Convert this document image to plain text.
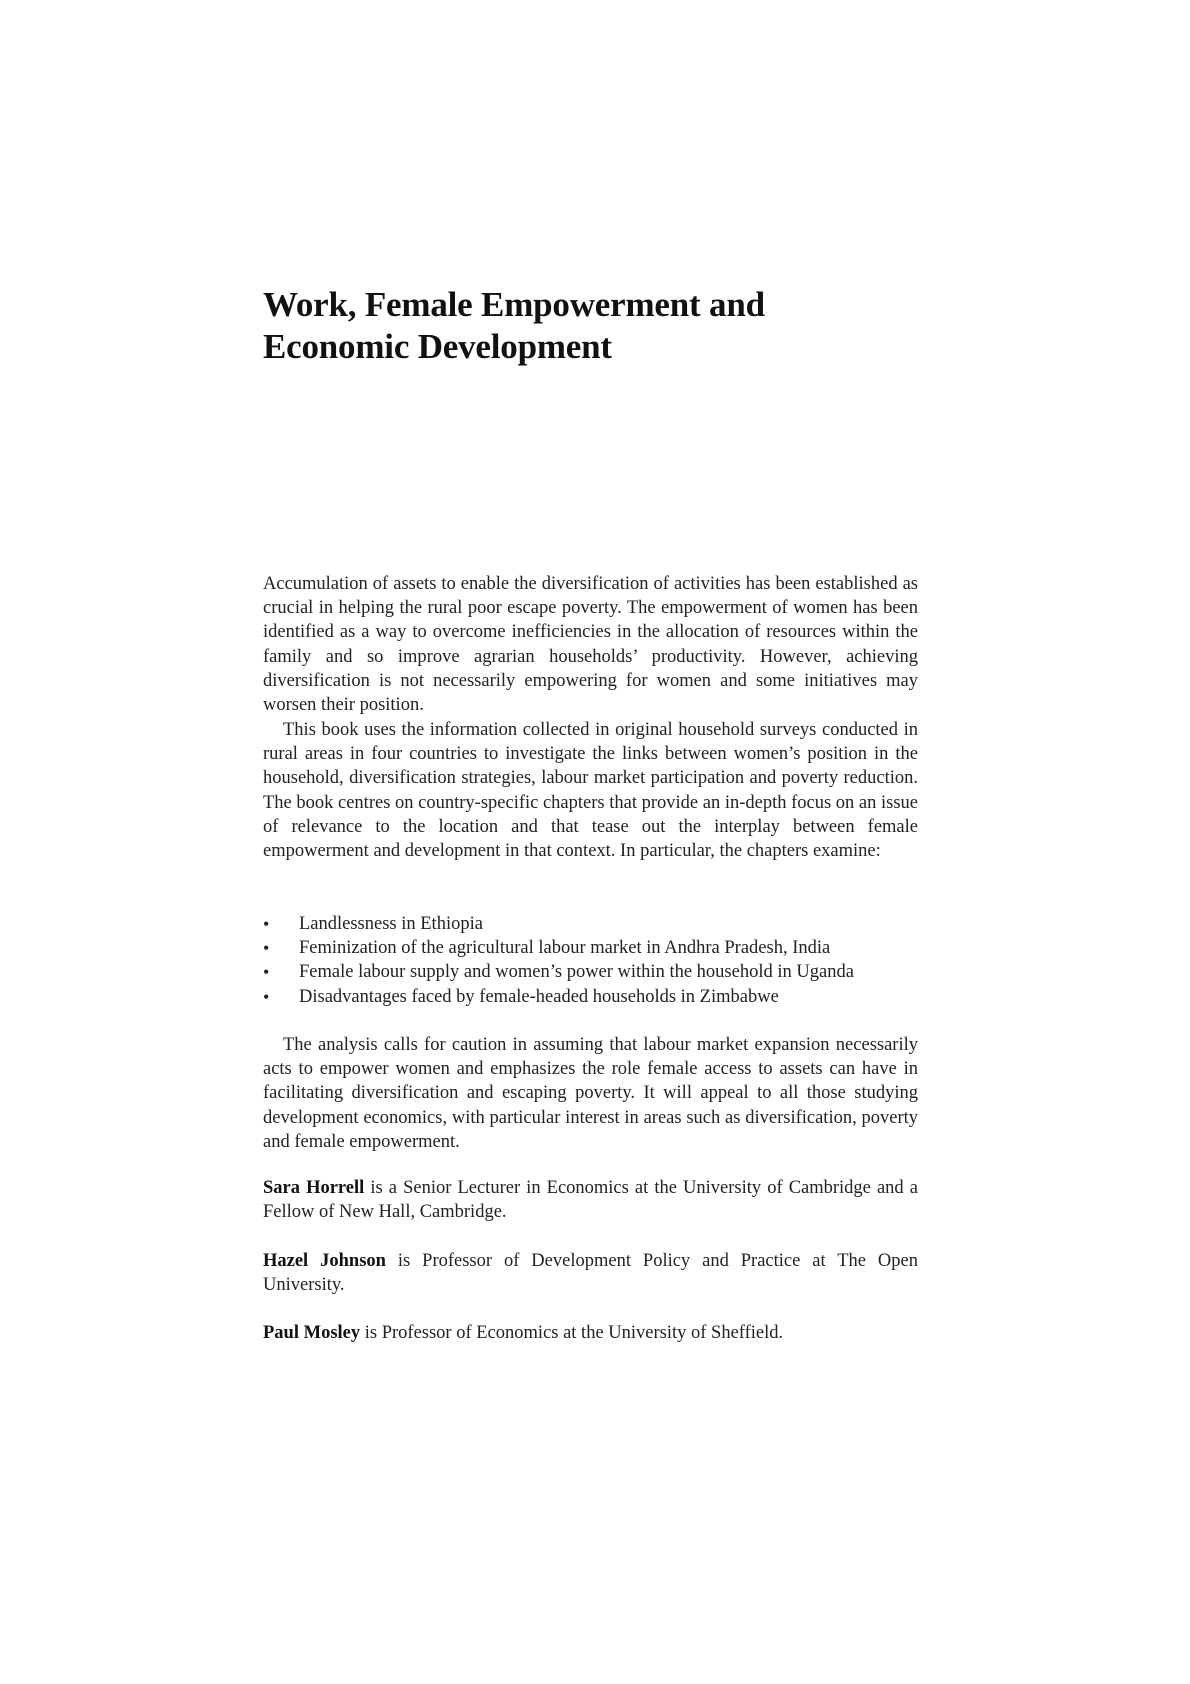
Work, Female Empowerment and
Economic Development

Accumulation of assets to enable the diversification of activities has been established as crucial in helping the rural poor escape poverty. The empowerment of women has been identified as a way to overcome inefficiencies in the allocation of resources within the family and so improve agrarian households’ productivity. However, achieving diversification is not necessarily empowering for women and some initiatives may worsen their position.

This book uses the information collected in original household surveys conducted in rural areas in four countries to investigate the links between women’s position in the household, diversification strategies, labour market participation and poverty reduction. The book centres on country-specific chapters that provide an in-depth focus on an issue of relevance to the location and that tease out the interplay between female empowerment and development in that context. In particular, the chapters examine:

• Landlessness in Ethiopia
• Feminization of the agricultural labour market in Andhra Pradesh, India
• Female labour supply and women’s power within the household in Uganda
• Disadvantages faced by female-headed households in Zimbabwe

The analysis calls for caution in assuming that labour market expansion necessarily acts to empower women and emphasizes the role female access to assets can have in facilitating diversification and escaping poverty. It will appeal to all those studying development economics, with particular interest in areas such as diversification, poverty and female empowerment.

Sara Horrell is a Senior Lecturer in Economics at the University of Cambridge and a Fellow of New Hall, Cambridge.

Hazel Johnson is Professor of Development Policy and Practice at The Open University.

Paul Mosley is Professor of Economics at the University of Sheffield.
